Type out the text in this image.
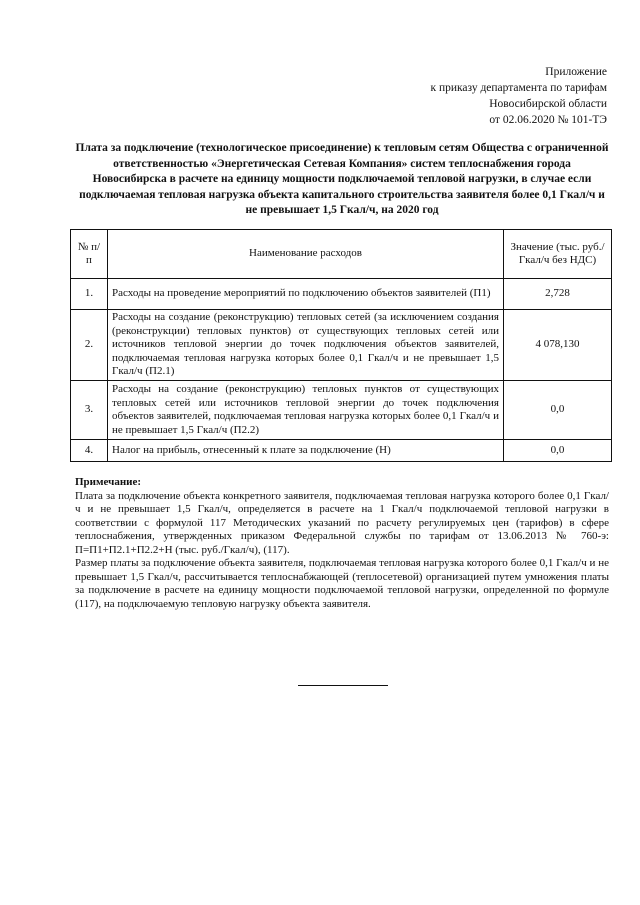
Приложение
к приказу департамента по тарифам
Новосибирской области
от 02.06.2020 № 101-ТЭ
Плата за подключение (технологическое присоединение) к тепловым сетям Общества с ограниченной ответственностью «Энергетическая Сетевая Компания» систем теплоснабжения города Новосибирска в расчете на единицу мощности подключаемой тепловой нагрузки, в случае если подключаемая тепловая нагрузка объекта капитального строительства заявителя более 0,1 Гкал/ч и не превышает 1,5 Гкал/ч, на 2020 год
№ п/п	Наименование расходов	Значение (тыс. руб./Гкал/ч без НДС)
1.	Расходы на проведение мероприятий по подключению объектов заявителей (П1)	2,728
2.	Расходы на создание (реконструкцию) тепловых сетей (за исключением создания (реконструкции) тепловых пунктов) от существующих тепловых сетей или источников тепловой энергии до точек подключения объектов заявителей, подключаемая тепловая нагрузка которых более 0,1 Гкал/ч и не превышает 1,5 Гкал/ч (П2.1)	4 078,130
3.	Расходы на создание (реконструкцию) тепловых пунктов от существующих тепловых сетей или источников тепловой энергии до точек подключения объектов заявителей, подключаемая тепловая нагрузка которых более 0,1 Гкал/ч и не превышает 1,5 Гкал/ч (П2.2)	0,0
4.	Налог на прибыль, отнесенный к плате за подключение (Н)	0,0
Примечание:

Плата за подключение объекта конкретного заявителя, подключаемая тепловая нагрузка которого более 0,1 Гкал/ч и не превышает 1,5 Гкал/ч, определяется в расчете на 1 Гкал/ч подключаемой тепловой нагрузки в соответствии с формулой 117 Методических указаний по расчету регулируемых цен (тарифов) в сфере теплоснабжения, утвержденных приказом Федеральной службы по тарифам от 13.06.2013 № 760-э: П=П1+П2.1+П2.2+Н (тыс. руб./Гкал/ч), (117).

Размер платы за подключение объекта заявителя, подключаемая тепловая нагрузка которого более 0,1 Гкал/ч и не превышает 1,5 Гкал/ч, рассчитывается теплоснабжающей (теплосетевой) организацией путем умножения платы за подключение в расчете на единицу мощности подключаемой тепловой нагрузки, определенной по формуле (117), на подключаемую тепловую нагрузку объекта заявителя.
